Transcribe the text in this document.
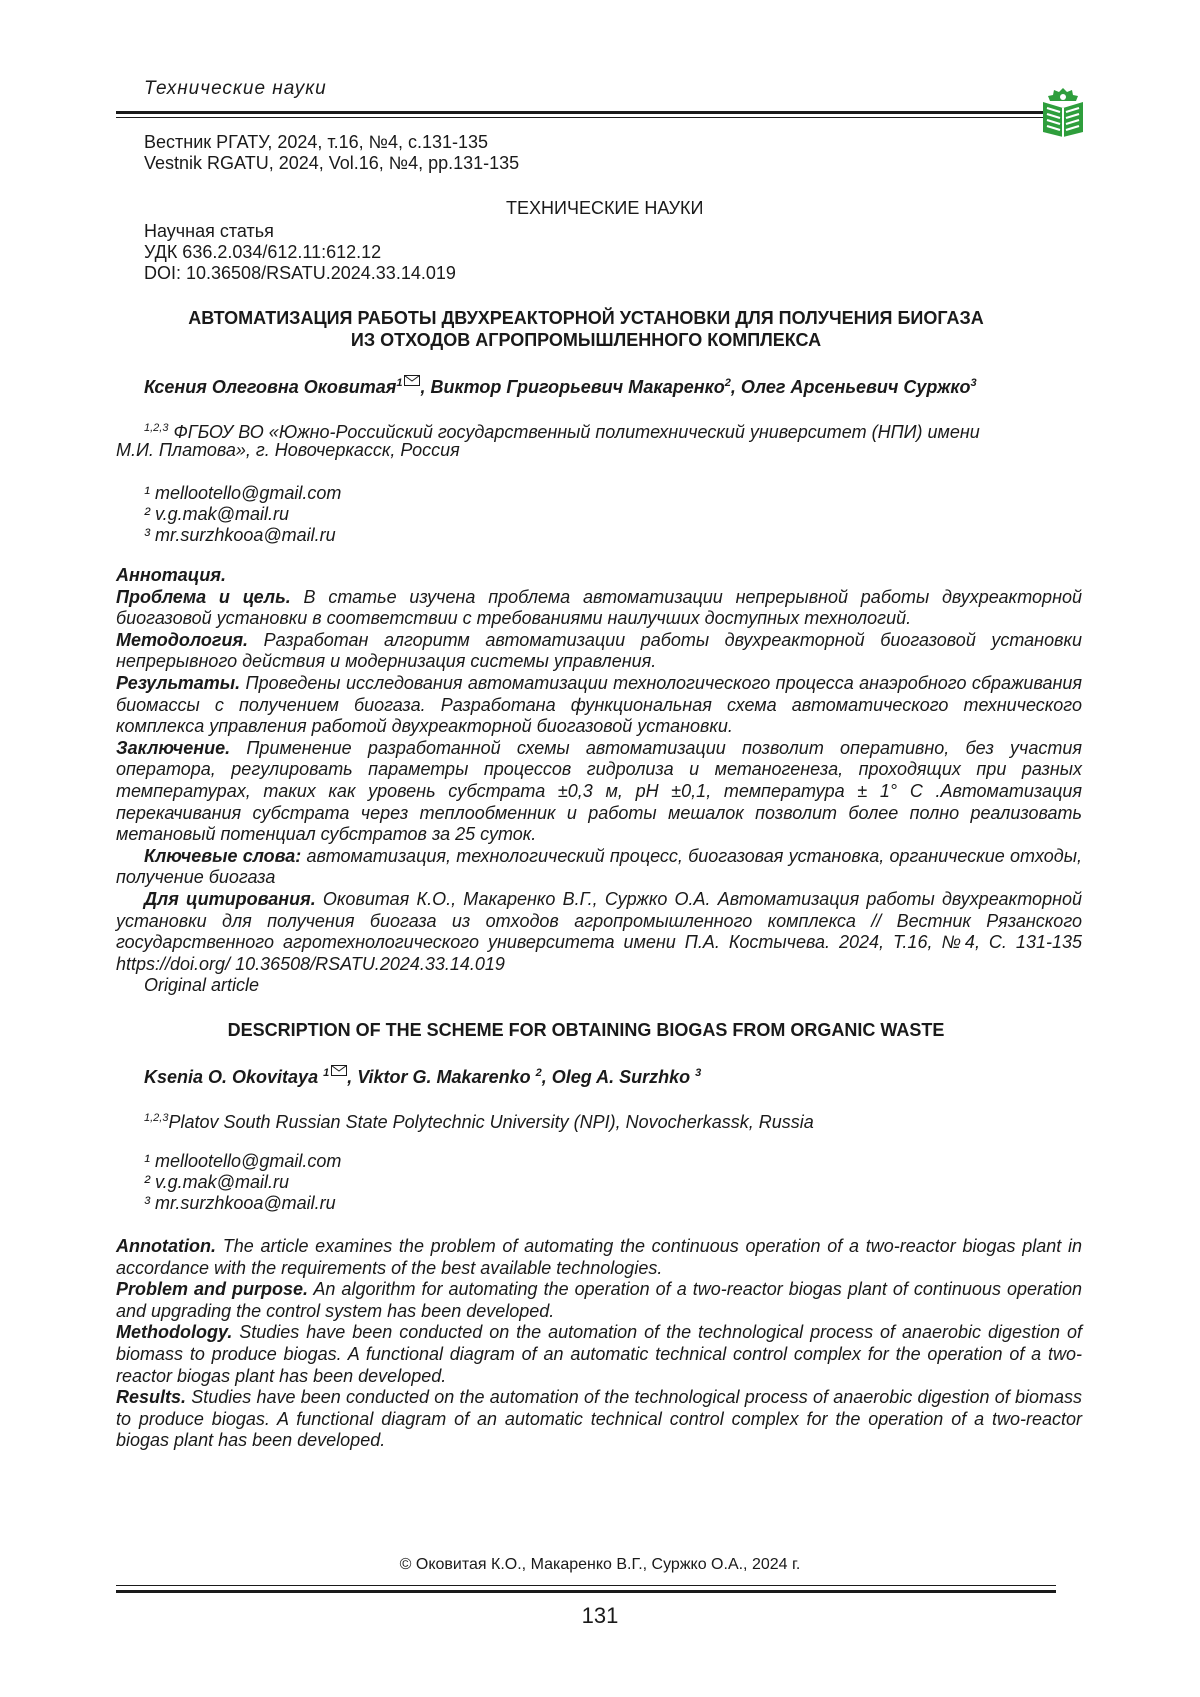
Технические науки
Вестник РГАТУ, 2024, т.16, №4, с.131-135
Vestnik RGATU, 2024, Vol.16, №4, pp.131-135
ТЕХНИЧЕСКИЕ НАУКИ
Научная статья
УДК 636.2.034/612.11:612.12
DOI: 10.36508/RSATU.2024.33.14.019
АВТОМАТИЗАЦИЯ РАБОТЫ ДВУХРЕАКТОРНОЙ УСТАНОВКИ ДЛЯ ПОЛУЧЕНИЯ БИОГАЗА
ИЗ ОТХОДОВ АГРОПРОМЫШЛЕННОГО КОМПЛЕКСА
Ксения Олеговна Оковитая$^1$ , Виктор Григорьевич Макаренко$^2$, Олег Арсеньевич Суржко$^3$
$^{1,2,3}$ ФГБОУ ВО «Южно-Российский государственный политехнический университет (НПИ) имени
М.И. Платова», г. Новочеркасск, Россия
¹ mellootello@gmail.com
² v.g.mak@mail.ru
³ mr.surzhkooa@mail.ru
Аннотация.
Проблема и цель. В статье изучена проблема автоматизации непрерывной работы двухреакторной биогазовой установки в соответствии с требованиями наилучших доступных технологий.
Методология. Разработан алгоритм автоматизации работы двухреакторной биогазовой установки непрерывного действия и модернизация системы управления.
Результаты. Проведены исследования автоматизации технологического процесса анаэробного сбраживания биомассы с получением биогаза. Разработана функциональная схема автоматического технического комплекса управления работой двухреакторной биогазовой установки.
Заключение. Применение разработанной схемы автоматизации позволит оперативно, без участия оператора, регулировать параметры процессов гидролиза и метаногенеза, проходящих при разных температурах, таких как уровень субстрата ±0,3 м, pH ±0,1, температура ± 1° С .Автоматизация перекачивания субстрата через теплообменник и работы мешалок позволит более полно реализовать метановый потенциал субстратов за 25 суток.
Ключевые слова: автоматизация, технологический процесс, биогазовая установка, органические отходы, получение биогаза
Для цитирования. Оковитая К.О., Макаренко В.Г., Суржко О.А. Автоматизация работы двухреакторной установки для получения биогаза из отходов агропромышленного комплекса // Вестник Рязанского государственного агротехнологического университета имени П.А. Костычева. 2024, Т.16, №4, С. 131-135 https://doi.org/ 10.36508/RSATU.2024.33.14.019
Original article
DESCRIPTION OF THE SCHEME FOR OBTAINING BIOGAS FROM ORGANIC WASTE
Ksenia O. Okovitaya $^1$ , Viktor G. Makarenko $^2$, Oleg A. Surzhko $^3$
$^{1,2,3}$Platov South Russian State Polytechnic University (NPI), Novocherkassk, Russia
¹ mellootello@gmail.com
² v.g.mak@mail.ru
³ mr.surzhkooa@mail.ru
Annotation. The article examines the problem of automating the continuous operation of a two-reactor biogas plant in accordance with the requirements of the best available technologies.
Problem and purpose. An algorithm for automating the operation of a two-reactor biogas plant of continuous operation and upgrading the control system has been developed.
Methodology. Studies have been conducted on the automation of the technological process of anaerobic digestion of biomass to produce biogas. A functional diagram of an automatic technical control complex for the operation of a two-reactor biogas plant has been developed.
Results. Studies have been conducted on the automation of the technological process of anaerobic digestion of biomass to produce biogas. A functional diagram of an automatic technical control complex for the operation of a two-reactor biogas plant has been developed.
© Оковитая К.О., Макаренко В.Г., Суржко О.А., 2024 г.
131
